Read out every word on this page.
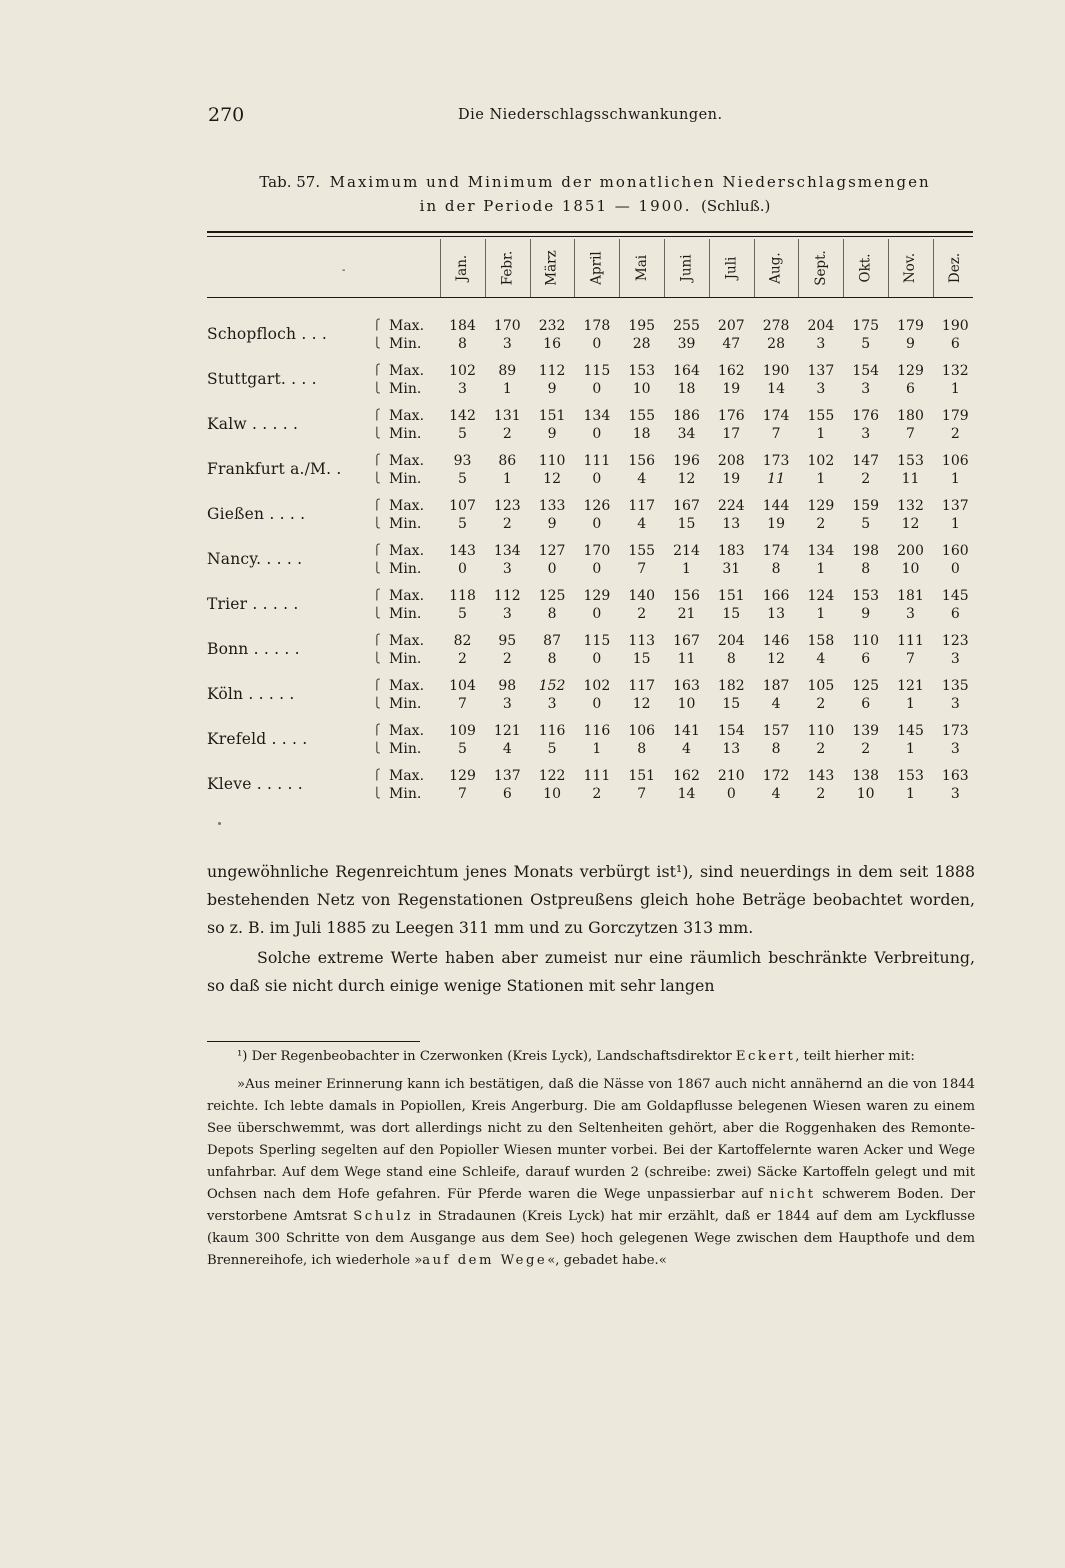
270	Die Niederschlagsschwankungen.
Tab. 57. Maximum und Minimum der monatlichen Niederschlagsmengen
in der Periode 1851 — 1900. (Schluß.)
-	Jan. Febr. März April Mai Juni Juli Aug. Sept. Okt. Nov. Dez.
Schopfloch . . .	⎧
⎩
Max.
Min.
184	170	232	178	195	255	207	278	204	175	179	190
8	3	16	0	28	39	47	28	3	5	9	6
Stuttgart. . . .	⎧
⎩
Max.
Min.
102	89	112	115	153	164	162	190	137	154	129	132
3	1	9	0	10	18	19	14	3	3	6	1
Kalw . . . . .	⎧
⎩
Max.
Min.
142	131	151	134	155	186	176	174	155	176	180	179
5	2	9	0	18	34	17	7	1	3	7	2
Frankfurt a./M. .	⎧
⎩
Max.
Min.
93	86	110	111	156	196	208	173	102	147	153	106
5	1	12	0	4	12	19	11	1	2	11	1
Gießen . . . .	⎧
⎩
Max.
Min.
107	123	133	126	117	167	224	144	129	159	132	137
5	2	9	0	4	15	13	19	2	5	12	1
Nancy. . . . .	⎧
⎩
Max.
Min.
143	134	127	170	155	214	183	174	134	198	200	160
0	3	0	0	7	1	31	8	1	8	10	0
Trier . . . . .	⎧
⎩
Max.
Min.
118	112	125	129	140	156	151	166	124	153	181	145
5	3	8	0	2	21	15	13	1	9	3	6
Bonn . . . . .	⎧
⎩
Max.
Min.
82	95	87	115	113	167	204	146	158	110	111	123
2	2	8	0	15	11	8	12	4	6	7	3
Köln . . . . .	⎧
⎩
Max.
Min.
104	98	152	102	117	163	182	187	105	125	121	135
7	3	3	0	12	10	15	4	2	6	1	3
Krefeld . . . .	⎧
⎩
Max.
Min.
109	121	116	116	106	141	154	157	110	139	145	173
5	4	5	1	8	4	13	8	2	2	1	3
Kleve . . . . .	⎧
⎩
Max.
Min.
129	137	122	111	151	162	210	172	143	138	153	163
7	6	10	2	7	14	0	4	2	10	1	3

ungewöhnliche Regenreichtum jenes Monats verbürgt ist¹), sind neuerdings in dem seit 1888 bestehenden Netz von Regenstationen Ostpreußens gleich hohe Beträge beobachtet worden, so z. B. im Juli 1885 zu Leegen 311 mm und zu Gorczytzen 313 mm.

Solche extreme Werte haben aber zumeist nur eine räumlich beschränkte Verbreitung, so daß sie nicht durch einige wenige Stationen mit sehr langen

¹) Der Regenbeobachter in Czerwonken (Kreis Lyck), Landschaftsdirektor Eckert, teilt hierher mit:

»Aus meiner Erinnerung kann ich bestätigen, daß die Nässe von 1867 auch nicht annähernd an die von 1844 reichte. Ich lebte damals in Popiollen, Kreis Angerburg. Die am Goldapflusse belegenen Wiesen waren zu einem See überschwemmt, was dort allerdings nicht zu den Seltenheiten gehört, aber die Roggenhaken des Remonte-Depots Sperling segelten auf den Popioller Wiesen munter vorbei. Bei der Kartoffelernte waren Acker und Wege unfahrbar. Auf dem Wege stand eine Schleife, darauf wurden 2 (schreibe: zwei) Säcke Kartoffeln gelegt und mit Ochsen nach dem Hofe gefahren. Für Pferde waren die Wege unpassierbar auf nicht schwerem Boden. Der verstorbene Amtsrat Schulz in Stradaunen (Kreis Lyck) hat mir erzählt, daß er 1844 auf dem am Lyckflusse (kaum 300 Schritte von dem Ausgange aus dem See) hoch gelegenen Wege zwischen dem Haupthofe und dem Brennereihofe, ich wiederhole »auf dem Wege«, gebadet habe.«
